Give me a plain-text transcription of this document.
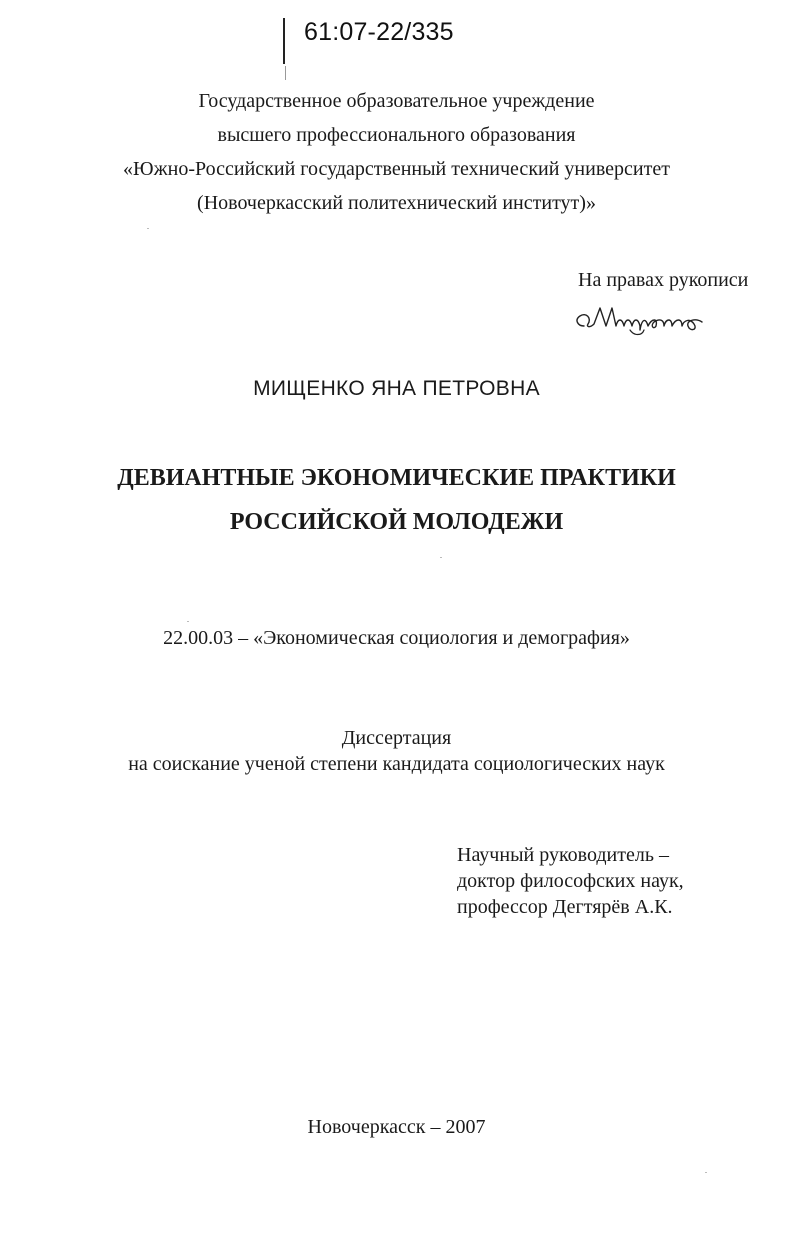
61:07-22/335
Государственное образовательное учреждение
высшего профессионального образования
«Южно-Российский государственный технический университет
(Новочеркасский политехнический институт)»
На правах рукописи
МИЩЕНКО ЯНА ПЕТРОВНА
ДЕВИАНТНЫЕ ЭКОНОМИЧЕСКИЕ ПРАКТИКИ
РОССИЙСКОЙ МОЛОДЕЖИ
22.00.03 – «Экономическая социология и демография»
Диссертация
на соискание ученой степени кандидата социологических наук
Научный руководитель –
доктор философских наук,
профессор Дегтярёв А.К.
Новочеркасск – 2007
